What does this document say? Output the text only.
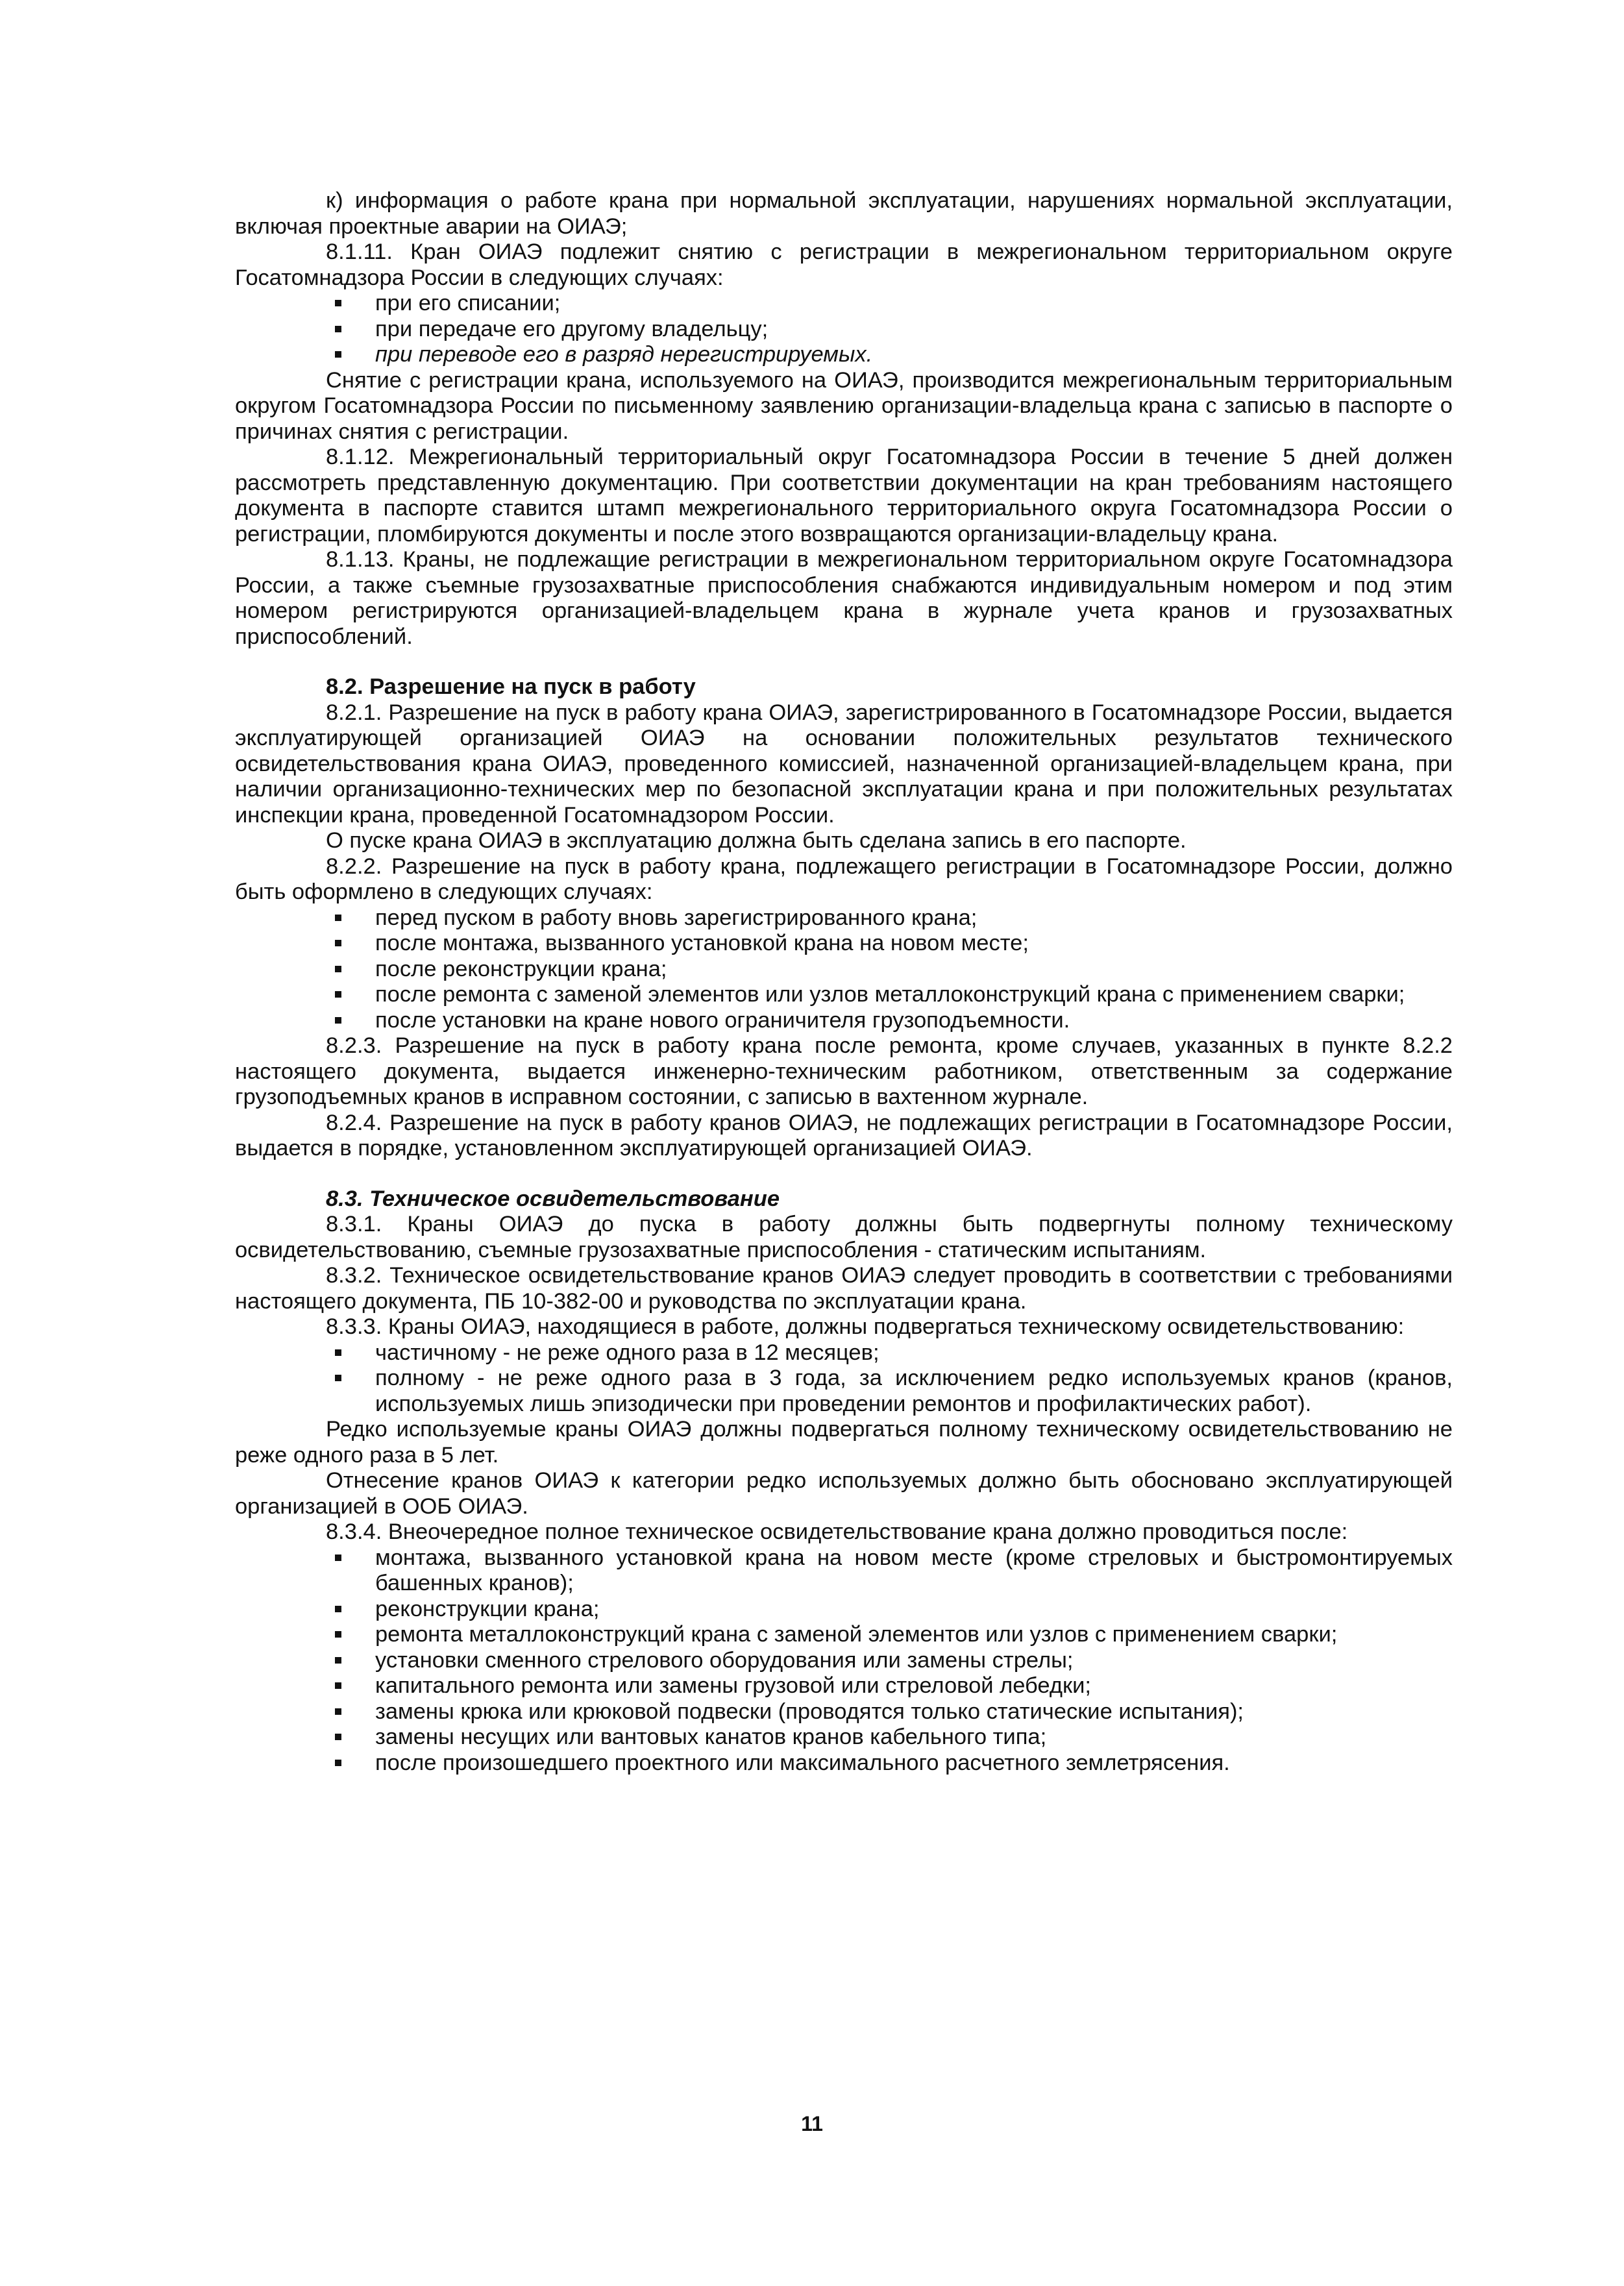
к) информация о работе крана при нормальной эксплуатации, нарушениях нормальной эксплуатации, включая проектные аварии на ОИАЭ;

8.1.11. Кран ОИАЭ подлежит снятию с регистрации в межрегиональном территориальном округе Госатомнадзора России в следующих случаях:

при его списании;
при передаче его другому владельцу;
при переводе его в разряд нерегистрируемых.

Снятие с регистрации крана, используемого на ОИАЭ, производится межрегиональным территориальным округом Госатомнадзора России по письменному заявлению организации-владельца крана с записью в паспорте о причинах снятия с регистрации.

8.1.12. Межрегиональный территориальный округ Госатомнадзора России в течение 5 дней должен рассмотреть представленную документацию. При соответствии документации на кран требованиям настоящего документа в паспорте ставится штамп межрегионального территориального округа Госатомнадзора России о регистрации, пломбируются документы и после этого возвращаются организации-владельцу крана.

8.1.13. Краны, не подлежащие регистрации в межрегиональном территориальном округе Госатомнадзора России, а также съемные грузозахватные приспособления снабжаются индивидуальным номером и под этим номером регистрируются организацией-владельцем крана в журнале учета кранов и грузозахватных приспособлений.

8.2. Разрешение на пуск в работу

8.2.1. Разрешение на пуск в работу крана ОИАЭ, зарегистрированного в Госатомнадзоре России, выдается эксплуатирующей организацией ОИАЭ на основании положительных результатов технического освидетельствования крана ОИАЭ, проведенного комиссией, назначенной организацией-владельцем крана, при наличии организационно-технических мер по безопасной эксплуатации крана и при положительных результатах инспекции крана, проведенной Госатомнадзором России.

О пуске крана ОИАЭ в эксплуатацию должна быть сделана запись в его паспорте.

8.2.2. Разрешение на пуск в работу крана, подлежащего регистрации в Госатомнадзоре России, должно быть оформлено в следующих случаях:

перед пуском в работу вновь зарегистрированного крана;
после монтажа, вызванного установкой крана на новом месте;
после реконструкции крана;
после ремонта с заменой элементов или узлов металлоконструкций крана с применением сварки;
после установки на кране нового ограничителя грузоподъемности.

8.2.3. Разрешение на пуск в работу крана после ремонта, кроме случаев, указанных в пункте 8.2.2 настоящего документа, выдается инженерно-техническим работником, ответственным за содержание грузоподъемных кранов в исправном состоянии, с записью в вахтенном журнале.

8.2.4. Разрешение на пуск в работу кранов ОИАЭ, не подлежащих регистрации в Госатомнадзоре России, выдается в порядке, установленном эксплуатирующей организацией ОИАЭ.

8.3. Техническое освидетельствование

8.3.1. Краны ОИАЭ до пуска в работу должны быть подвергнуты полному техническому освидетельствованию, съемные грузозахватные приспособления - статическим испытаниям.

8.3.2. Техническое освидетельствование кранов ОИАЭ следует проводить в соответствии с требованиями настоящего документа, ПБ 10-382-00 и руководства по эксплуатации крана.

8.3.3. Краны ОИАЭ, находящиеся в работе, должны подвергаться техническому освидетельствованию:

частичному - не реже одного раза в 12 месяцев;
полному - не реже одного раза в 3 года, за исключением редко используемых кранов (кранов, используемых лишь эпизодически при проведении ремонтов и профилактических работ).

Редко используемые краны ОИАЭ должны подвергаться полному техническому освидетельствованию не реже одного раза в 5 лет.

Отнесение кранов ОИАЭ к категории редко используемых должно быть обосновано эксплуатирующей организацией в ООБ ОИАЭ.

8.3.4. Внеочередное полное техническое освидетельствование крана должно проводиться после:

монтажа, вызванного установкой крана на новом месте (кроме стреловых и быстромонтируемых башенных кранов);
реконструкции крана;
ремонта металлоконструкций крана с заменой элементов или узлов с применением сварки;
установки сменного стрелового оборудования или замены стрелы;
капитального ремонта или замены грузовой или стреловой лебедки;
замены крюка или крюковой подвески (проводятся только статические испытания);
замены несущих или вантовых канатов кранов кабельного типа;
после произошедшего проектного или максимального расчетного землетрясения.
11
